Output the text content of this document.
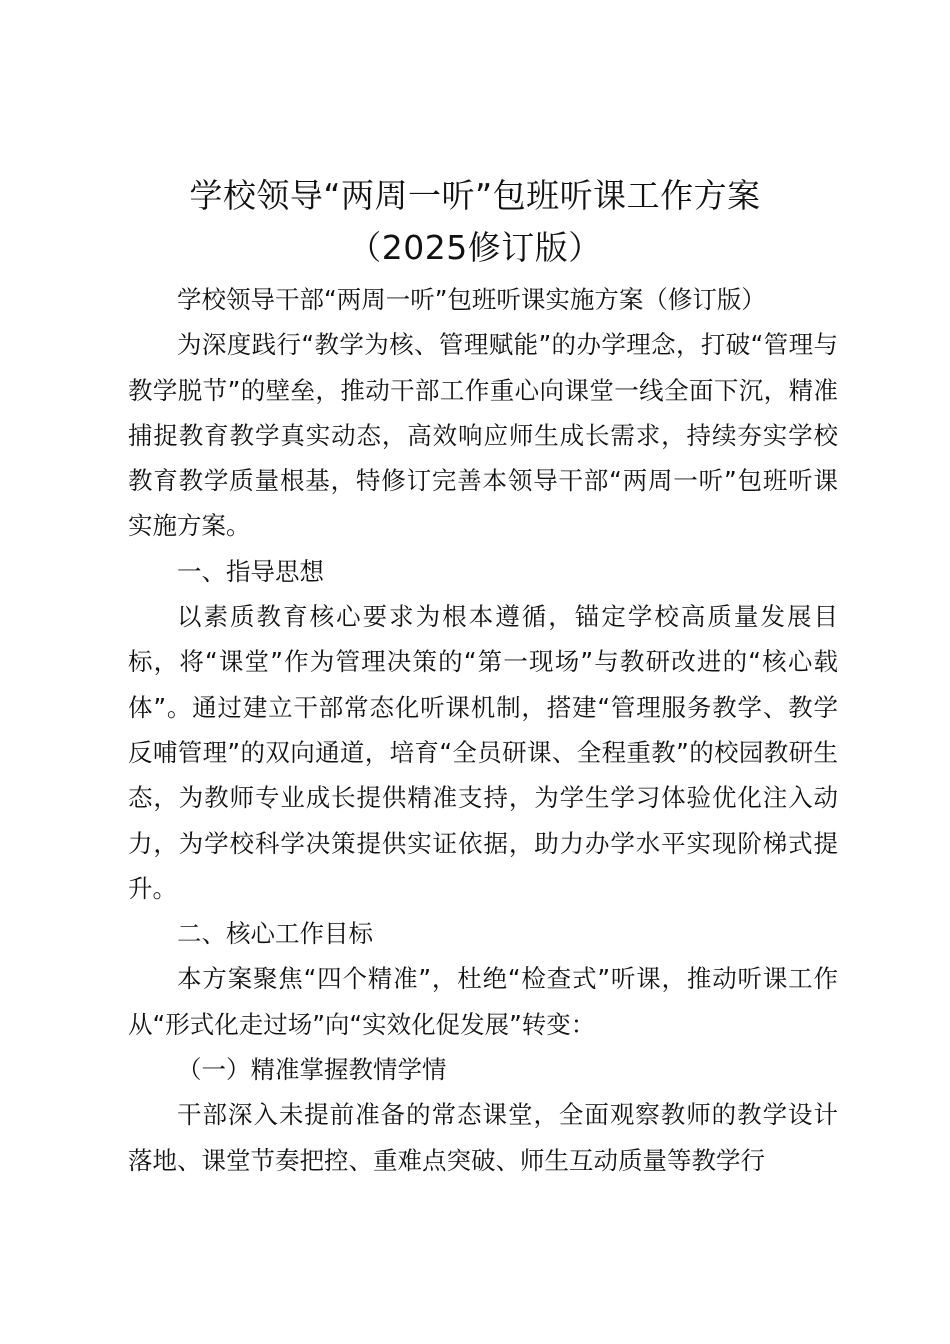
学校领导“两周一听”包班听课工作方案
（2025修订版）

学校领导干部“两周一听”包班听课实施方案（修订版）

为深度践行“教学为核、管理赋能”的办学理念，打破“管理与教学脱节”的壁垒，推动干部工作重心向课堂一线全面下沉，精准捕捉教育教学真实动态，高效响应师生成长需求，持续夯实学校教育教学质量根基，特修订完善本领导干部“两周一听”包班听课实施方案。

一、指导思想

以素质教育核心要求为根本遵循，锚定学校高质量发展目标，将“课堂”作为管理决策的“第一现场”与教研改进的“核心载体”。通过建立干部常态化听课机制，搭建“管理服务教学、教学反哺管理”的双向通道，培育“全员研课、全程重教”的校园教研生态，为教师专业成长提供精准支持，为学生学习体验优化注入动力，为学校科学决策提供实证依据，助力办学水平实现阶梯式提升。

二、核心工作目标

本方案聚焦“四个精准”，杜绝“检查式”听课，推动听课工作从“形式化走过场”向“实效化促发展”转变：

（一）精准掌握教情学情

干部深入未提前准备的常态课堂，全面观察教师的教学设计落地、课堂节奏把控、重难点突破、师生互动质量等教学行
